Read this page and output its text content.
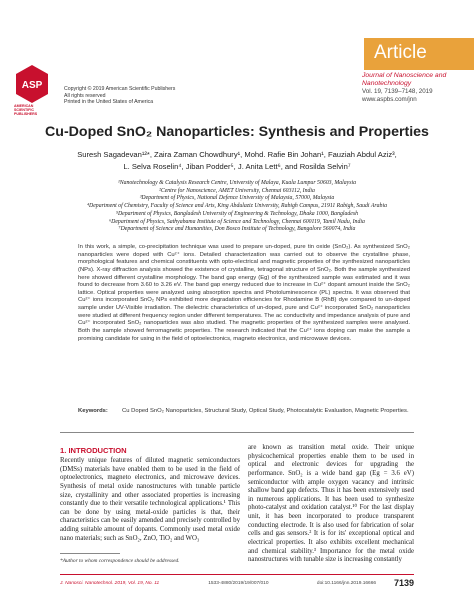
ASP
AMERICAN SCIENTIFIC PUBLISHERS
Copyright © 2019 American Scientific Publishers
All rights reserved
Printed in the United States of America
Article
Journal of Nanoscience and Nanotechnology
Vol. 19, 7139–7148, 2019
www.aspbs.com/jnn
Cu-Doped SnO₂ Nanoparticles: Synthesis and Properties
Suresh Sagadevan¹²*, Zaira Zaman Chowdhury¹, Mohd. Rafie Bin Johan¹, Fauziah Abdul Aziz³,
L. Selva Roselin⁴, Jiban Podder⁵, J. Anita Lett⁶, and Rosilda Selvin⁷
¹Nanotechnology & Catalysis Research Centre, University of Malaya, Kuala Lumpur 50603, Malaysia
²Centre for Nanoscience, AMET University, Chennai 603112, India
³Department of Physics, National Defence University of Malaysia, 57000, Malaysia
⁴Department of Chemistry, Faculty of Science and Arts, King Abdulaziz University, Rabigh Campus, 21911 Rabigh, Saudi Arabia
⁵Department of Physics, Bangladesh University of Engineering & Technology, Dhaka 1000, Bangladesh
⁶Department of Physics, Sathyabama Institute of Science and Technology, Chennai 600119, Tamil Nadu, India
⁷Department of Science and Humanities, Don Bosco Institute of Technology, Bangalore 560074, India
In this work, a simple, co-precipitation technique was used to prepare un-doped, pure tin oxide (SnO₂). As synthesized SnO₂ nanoparticles were doped with Cu²⁺ ions. Detailed characterization was carried out to observe the crystalline phase, morphological features and chemical constituents with opto-electrical and magnetic properties of the synthesized nanoparticles (NPs). X-ray diffraction analysis showed the existence of crystalline, tetragonal structure of SnO₂. Both the sample synthesized here showed different crystalline morphology. The band gap energy (Eg) of the synthesized sample was estimated and it was found to decrease from 3.60 to 3.26 eV. The band gap energy reduced due to increase in Cu²⁺ dopant amount inside the SnO₂ lattice. Optical properties were analyzed using absorption spectra and Photoluminescence (PL) spectra. It was observed that Cu²⁺ ions incorporated SnO₂ NPs exhibited more degradation efficiencies for Rhodamine B (RhB) dye compared to un-doped sample under UV-Visible irradiation. The dielectric characteristics of un-doped, pure and Cu²⁺ incorporated SnO₂ nanoparticles were studied at different frequency region under different temperatures. The ac conductivity and impedance analysis of pure and Cu²⁺ incorporated SnO₂ nanoparticles was also studied. The magnetic properties of the synthesized samples were analysed. Both the sample showed ferromagnetic properties. The research indicated that the Cu²⁺ ions doping can make the sample a promising candidate for using in the field of optoelectronics, magneto electronics, and microwave devices.
Keywords:	Cu Doped SnO₂ Nanoparticles, Structural Study, Optical Study, Photocatalytic Evaluation, Magnetic Properties.
1. INTRODUCTION
Recently unique features of diluted magnetic semiconductors (DMSs) materials have enabled them to be used in the field of optoelectronics, magneto electronics, and microwave devices. Synthesis of metal oxide nanostructures with tunable particle size, crystallinity and other associated properties is increasing constantly due to their versatile technological applications.¹ This can be done by using metal-oxide particles is that, their characteristics can be easily amended and precisely controlled by adding suitable amount of dopants. Commonly used metal oxide nano materials; such as SnO₂, ZnO, TiO₂ and WO₃
are known as transition metal oxide. Their unique physicochemical properties enable them to be used in optical and electronic devices for upgrading the performance. SnO₂ is a wide band gap (Eg = 3.6 eV) semiconductor with ample oxygen vacancy and intrinsic shallow band gap defects. Thus it has been extensively used in numerous applications. It has been used to synthesize photo-catalyst and oxidation catalyst.¹⁰ For the last display unit, it has been incorporated to produce transparent conducting electrode. It is also used for fabrication of solar cells and gas sensors.² It is for its' exceptional optical and electrical properties. It also exhibits excellent mechanical and chemical stability.³ Importance for the metal oxide nanostructures with tunable size is increasing constantly
*Author to whom correspondence should be addressed.
J. Nanosci. Nanotechnol. 2019, Vol. 19, No. 11	1533-4880/2019/19/007/010	doi:10.1166/jnn.2019.16666	7139
